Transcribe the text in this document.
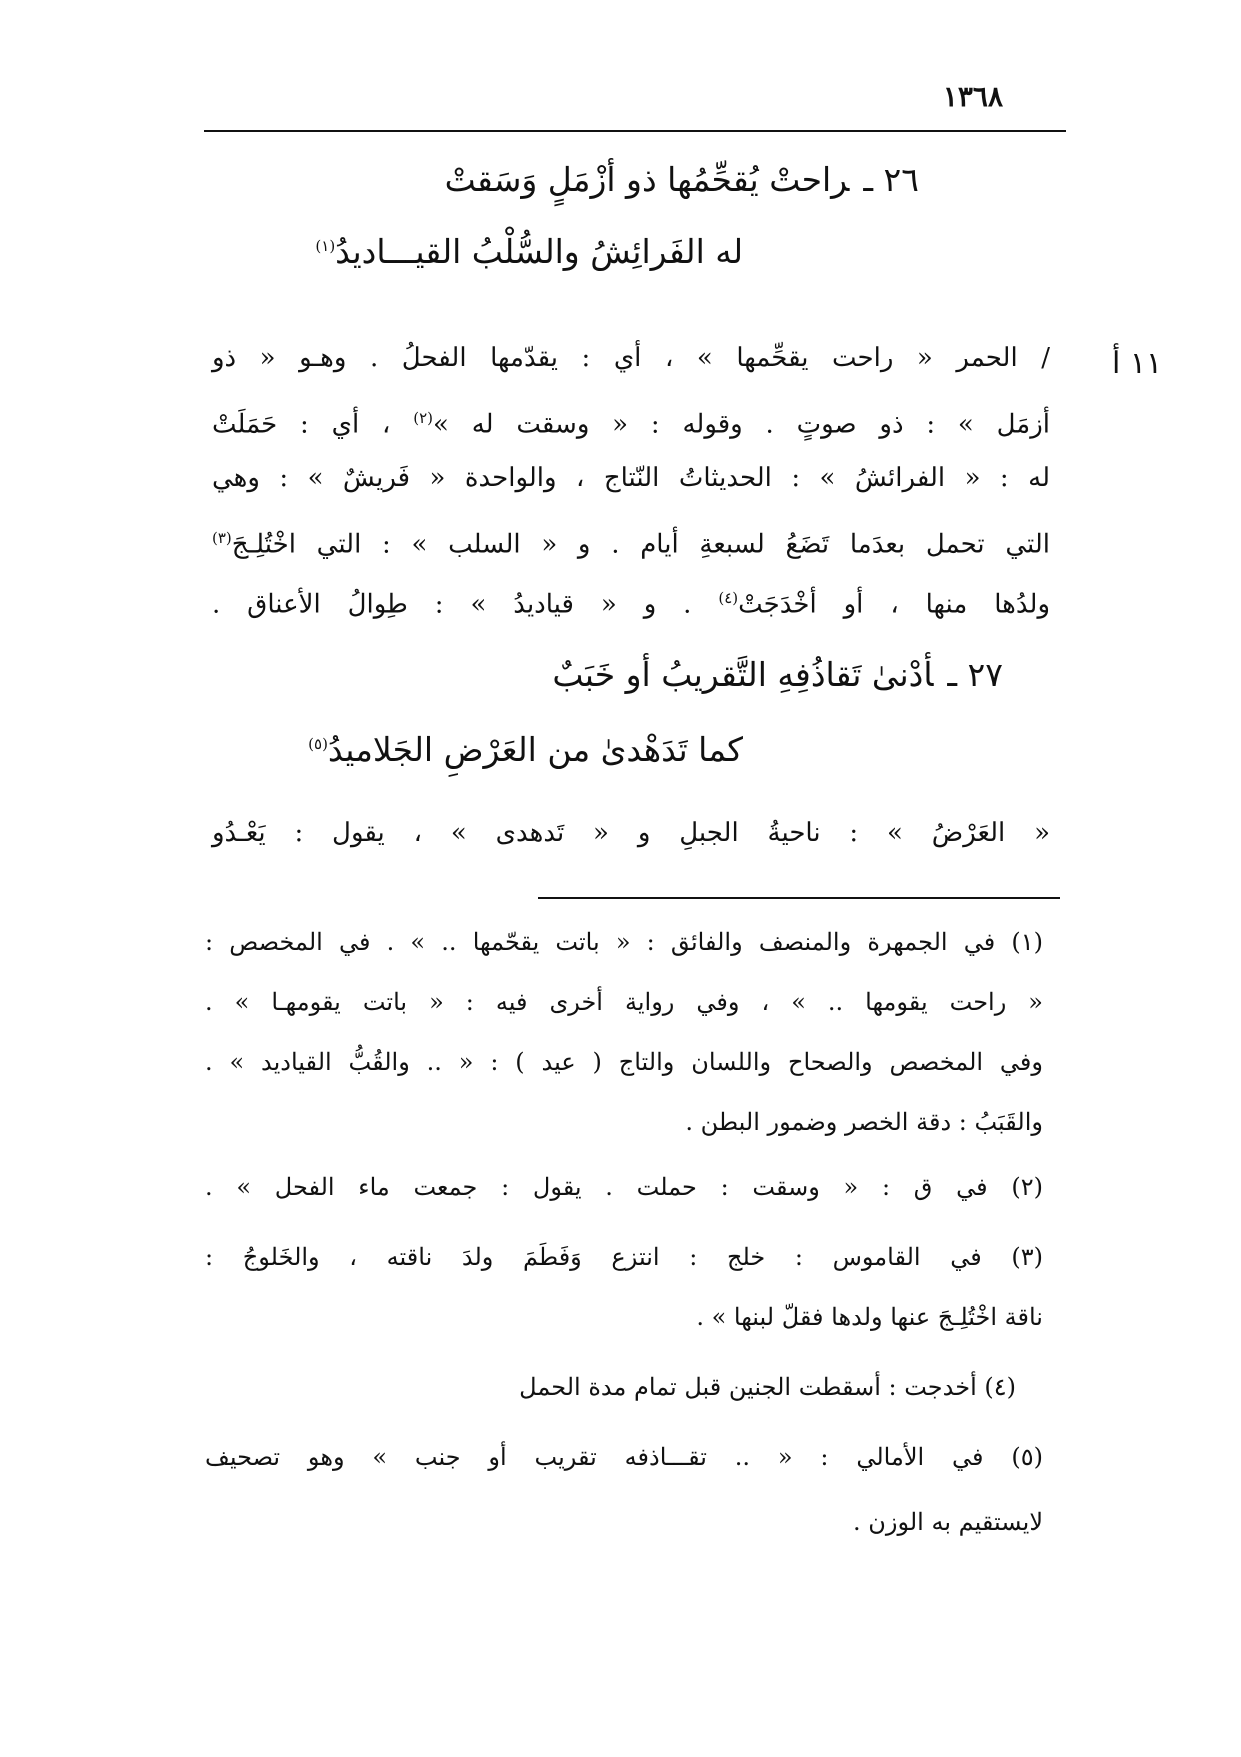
١٣٦٨
٢٦ ـراحتْ يُقحِّمُها ذو أزْمَلٍ وَسَقتْ
له الفَرائِشُ والسُّلْبُ القيـــاديدُ$^{(١)}$
١١ أ
/ الحمر « راحت يقحِّمها » ، أي : يقدّمها الفحلُ . وهـو « ذو
أزمَل » : ذو صوتٍ . وقوله : « وسقت له »$^{(٢)}$ ، أي : حَمَلَتْ
له : « الفرائشُ » : الحديثاتُ النّتاج ، والواحدة « فَريشٌ » : وهي
التي تحمل بعدَما تَضَعُ لسبعةِ أيام . و « السلب » : التي اخْتُلِـجَ$^{(٣)}$
ولدُها منها ، أو أخْدَجَتْ$^{(٤)}$ . و « قياديدُ » : طِوالُ الأعناق .
٢٧ ـأدْنىٰ تَقاذُفِهِ التَّقريبُ أو خَبَبٌ
كما تَدَهْدىٰ من العَرْضِ الجَلاميدُ$^{(٥)}$
« العَرْضُ » : ناحيةُ الجبلِ و « تَدهدى » ، يقول : يَعْـدُو
(١) في الجمهرة والمنصف والفائق : « باتت يقحّمها .. » . في المخصص :
« راحت يقومها .. » ، وفي رواية أخرى فيه : « باتت يقومهـا » .
وفي المخصص والصحاح واللسان والتاج ( عيد ) : « .. والقُبُّ القياديد » .
والقَبَبُ : دقة الخصر وضمور البطن .
(٢) في ق : « وسقت : حملت . يقول : جمعت ماء الفحل » .
(٣) في القاموس : خلج : انتزع وَفَطَمَ ولدَ ناقته ، والخَلوجُ :
ناقة اخْتُلِـجَ عنها ولدها فقلّ لبنها » .
(٤) أخدجت : أسقطت الجنين قبل تمام مدة الحمل
(٥) في الأمالي : « .. تقـــاذفه تقريب أو جنب » وهو تصحيف
لايستقيم به الوزن .
